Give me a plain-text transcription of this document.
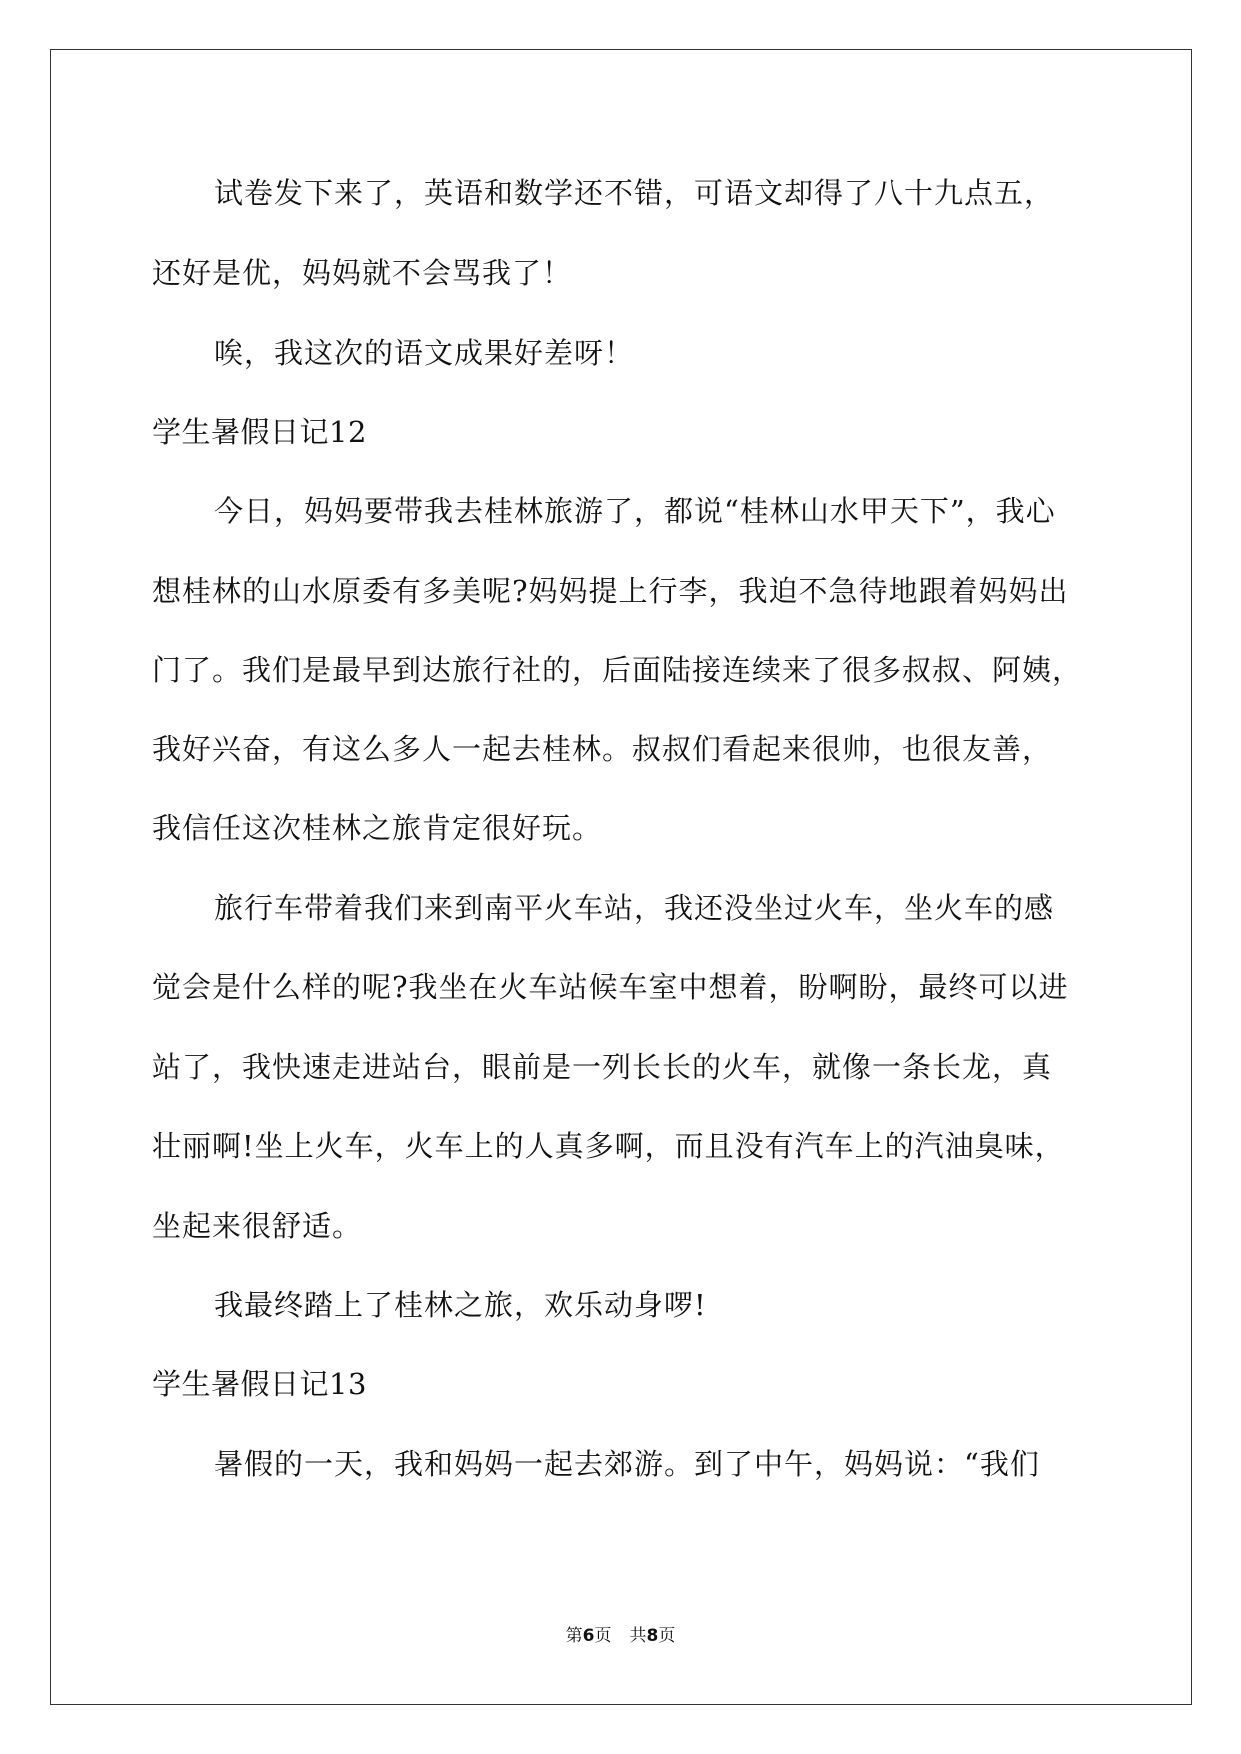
试卷发下来了，英语和数学还不错，可语文却得了八十九点五，
还好是优，妈妈就不会骂我了！
唉，我这次的语文成果好差呀！
学生暑假日记12
今日，妈妈要带我去桂林旅游了，都说“桂林山水甲天下”，我心
想桂林的山水原委有多美呢?妈妈提上行李，我迫不急待地跟着妈妈出
门了。我们是最早到达旅行社的，后面陆接连续来了很多叔叔、阿姨，
我好兴奋，有这么多人一起去桂林。叔叔们看起来很帅，也很友善，
我信任这次桂林之旅肯定很好玩。
旅行车带着我们来到南平火车站，我还没坐过火车，坐火车的感
觉会是什么样的呢?我坐在火车站候车室中想着，盼啊盼，最终可以进
站了，我快速走进站台，眼前是一列长长的火车，就像一条长龙，真
壮丽啊!坐上火车，火车上的人真多啊，而且没有汽车上的汽油臭味，
坐起来很舒适。
我最终踏上了桂林之旅，欢乐动身啰!
学生暑假日记13
暑假的一天，我和妈妈一起去郊游。到了中午，妈妈说：“我们
第6页 共8页
